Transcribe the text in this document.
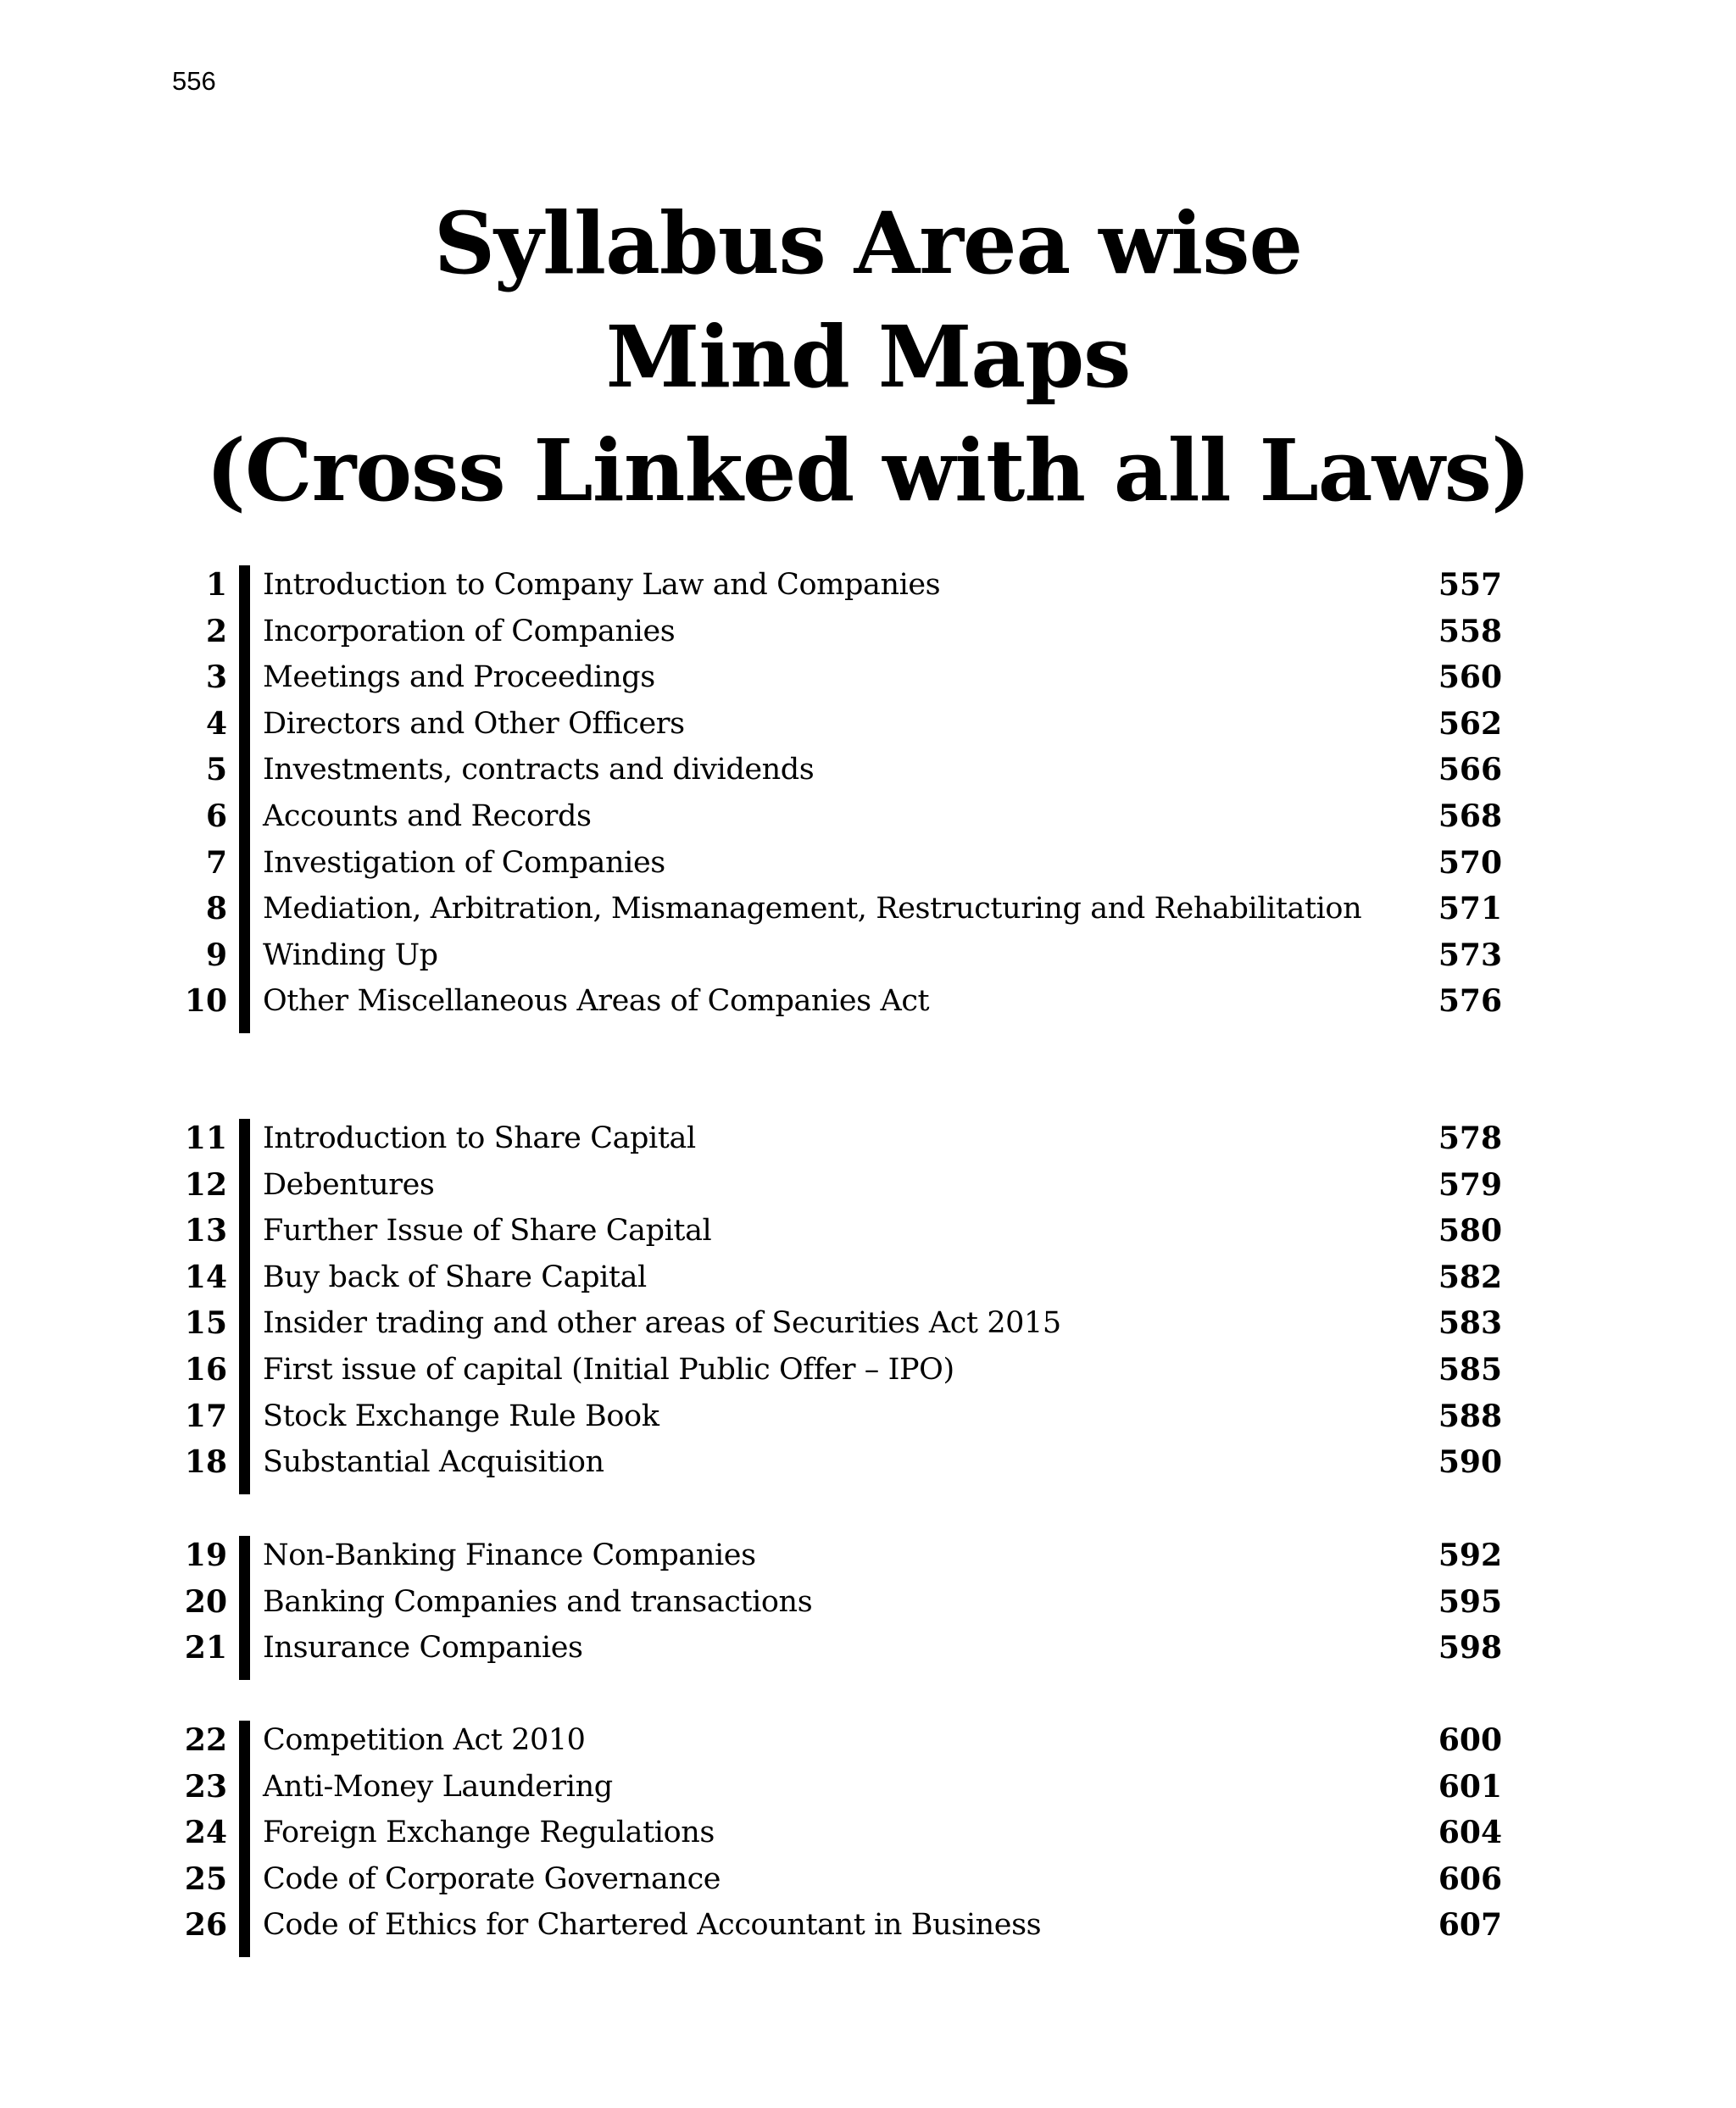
556
Syllabus Area wise
Mind Maps
(Cross Linked with all Laws)
1 Introduction to Company Law and Companies	557
2 Incorporation of Companies	558
3 Meetings and Proceedings	560
4 Directors and Other Officers	562
5 Investments, contracts and dividends	566
6 Accounts and Records	568
7 Investigation of Companies	570
8 Mediation, Arbitration, Mismanagement, Restructuring and Rehabilitation	571
9 Winding Up	573
10 Other Miscellaneous Areas of Companies Act	576
11 Introduction to Share Capital	578
12 Debentures	579
13 Further Issue of Share Capital	580
14 Buy back of Share Capital	582
15 Insider trading and other areas of Securities Act 2015	583
16 First issue of capital (Initial Public Offer – IPO)	585
17 Stock Exchange Rule Book	588
18 Substantial Acquisition	590
19 Non-Banking Finance Companies	592
20 Banking Companies and transactions	595
21 Insurance Companies	598
22 Competition Act 2010	600
23 Anti-Money Laundering	601
24 Foreign Exchange Regulations	604
25 Code of Corporate Governance	606
26 Code of Ethics for Chartered Accountant in Business	607
